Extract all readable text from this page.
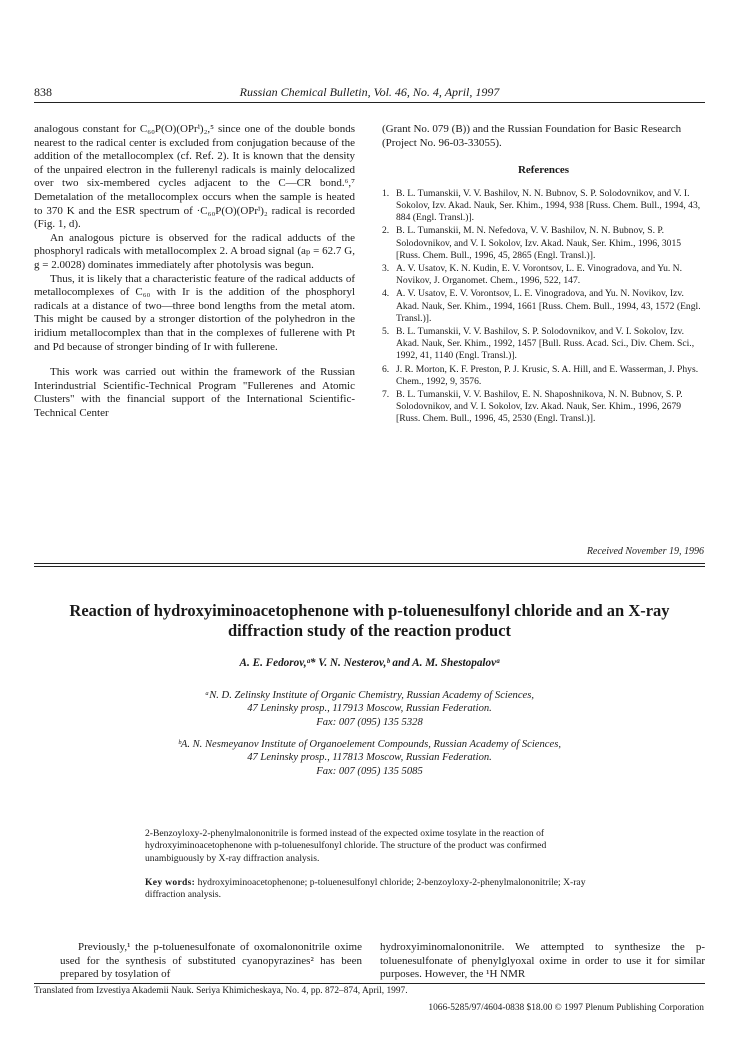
838	Russian Chemical Bulletin, Vol. 46, No. 4, April, 1997

analogous constant for C₆₀P(O)(OPrⁱ)₂,⁵ since one of the double bonds nearest to the radical center is excluded from conjugation because of the addition of the metallocomplex (cf. Ref. 2). It is known that the density of the unpaired electron in the fullerenyl radicals is mainly delocalized over two six-membered cycles adjacent to the C—CR bond.⁶,⁷ Demetalation of the metallocomplex occurs when the sample is heated to 370 K and the ESR spectrum of ·C₆₀P(O)(OPrⁱ)₂ radical is recorded (Fig. 1, d).

An analogous picture is observed for the radical adducts of the phosphoryl radicals with metallocomplex 2. A broad signal (aₚ = 62.7 G, g = 2.0028) dominates immediately after photolysis was begun.

Thus, it is likely that a characteristic feature of the radical adducts of metallocomplexes of C₆₀ with Ir is the addition of the phosphoryl radicals at a distance of two—three bond lengths from the metal atom. This might be caused by a stronger distortion of the polyhedron in the iridium metallocomplex than that in the complexes of fullerene with Pt and Pd because of stronger binding of Ir with fullerene.

This work was carried out within the framework of the Russian Interindustrial Scientific-Technical Program "Fullerenes and Atomic Clusters" with the financial support of the International Scientific-Technical Center

(Grant No. 079 (B)) and the Russian Foundation for Basic Research (Project No. 96-03-33055).

References
1. B. L. Tumanskii, V. V. Bashilov, N. N. Bubnov, S. P. Solodovnikov, and V. I. Sokolov, Izv. Akad. Nauk, Ser. Khim., 1994, 938 [Russ. Chem. Bull., 1994, 43, 884 (Engl. Transl.)].
2. B. L. Tumanskii, M. N. Nefedova, V. V. Bashilov, N. N. Bubnov, S. P. Solodovnikov, and V. I. Sokolov, Izv. Akad. Nauk, Ser. Khim., 1996, 3015 [Russ. Chem. Bull., 1996, 45, 2865 (Engl. Transl.)].
3. A. V. Usatov, K. N. Kudin, E. V. Vorontsov, L. E. Vinogradova, and Yu. N. Novikov, J. Organomet. Chem., 1996, 522, 147.
4. A. V. Usatov, E. V. Vorontsov, L. E. Vinogradova, and Yu. N. Novikov, Izv. Akad. Nauk, Ser. Khim., 1994, 1661 [Russ. Chem. Bull., 1994, 43, 1572 (Engl. Transl.)].
5. B. L. Tumanskii, V. V. Bashilov, S. P. Solodovnikov, and V. I. Sokolov, Izv. Akad. Nauk, Ser. Khim., 1992, 1457 [Bull. Russ. Acad. Sci., Div. Chem. Sci., 1992, 41, 1140 (Engl. Transl.)].
6. J. R. Morton, K. F. Preston, P. J. Krusic, S. A. Hill, and E. Wasserman, J. Phys. Chem., 1992, 9, 3576.
7. B. L. Tumanskii, V. V. Bashilov, E. N. Shaposhnikova, N. N. Bubnov, S. P. Solodovnikov, and V. I. Sokolov, Izv. Akad. Nauk, Ser. Khim., 1996, 2679 [Russ. Chem. Bull., 1996, 45, 2530 (Engl. Transl.)].
Received November 19, 1996
Reaction of hydroxyiminoacetophenone with p-toluenesulfonyl chloride and an X-ray diffraction study of the reaction product
A. E. Fedorov,ᵃ* V. N. Nesterov,ᵇ and A. M. Shestopalovᵃ
ᵃN. D. Zelinsky Institute of Organic Chemistry, Russian Academy of Sciences,
47 Leninsky prosp., 117913 Moscow, Russian Federation.
Fax: 007 (095) 135 5328
ᵇA. N. Nesmeyanov Institute of Organoelement Compounds, Russian Academy of Sciences,
47 Leninsky prosp., 117813 Moscow, Russian Federation.
Fax: 007 (095) 135 5085
2-Benzoyloxy-2-phenylmalononitrile is formed instead of the expected oxime tosylate in the reaction of hydroxyiminoacetophenone with p-toluenesulfonyl chloride. The structure of the product was confirmed unambiguously by X-ray diffraction analysis.
Key words: hydroxyiminoacetophenone; p-toluenesulfonyl chloride; 2-benzoyloxy-2-phenylmalononitrile; X-ray diffraction analysis.
Previously,¹ the p-toluenesulfonate of oxomalononitrile oxime used for the synthesis of substituted cyanopyrazines² has been prepared by tosylation of
hydroxyiminomalononitrile. We attempted to synthesize the p-toluenesulfonate of phenylglyoxal oxime in order to use it for similar purposes. However, the ¹H NMR
Translated from Izvestiya Akademii Nauk. Seriya Khimicheskaya, No. 4, pp. 872–874, April, 1997.
1066-5285/97/4604-0838 $18.00 © 1997 Plenum Publishing Corporation
